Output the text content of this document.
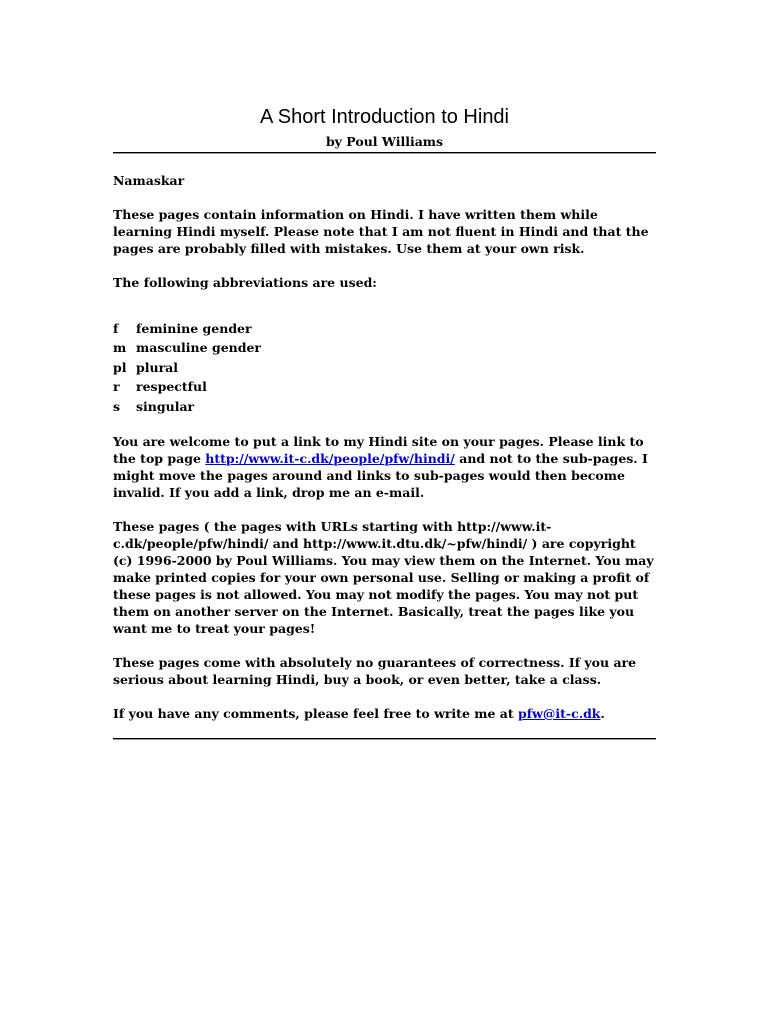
A Short Introduction to Hindi
by Poul Williams

Namaskar

These pages contain information on Hindi. I have written them while learning Hindi myself. Please note that I am not fluent in Hindi and that the pages are probably filled with mistakes. Use them at your own risk.

The following abbreviations are used:

f	feminine gender
m	masculine gender
pl	plural
r	respectful
s	singular

You are welcome to put a link to my Hindi site on your pages. Please link to the top page http://www.it-c.dk/people/pfw/hindi/ and not to the sub-pages. I might move the pages around and links to sub-pages would then become invalid. If you add a link, drop me an e-mail.

These pages ( the pages with URLs starting with http://www.it-c.dk/people/pfw/hindi/ and http://www.it.dtu.dk/~pfw/hindi/ ) are copyright (c) 1996-2000 by Poul Williams. You may view them on the Internet. You may make printed copies for your own personal use. Selling or making a profit of these pages is not allowed. You may not modify the pages. You may not put them on another server on the Internet. Basically, treat the pages like you want me to treat your pages!

These pages come with absolutely no guarantees of correctness. If you are serious about learning Hindi, buy a book, or even better, take a class.

If you have any comments, please feel free to write me at pfw@it-c.dk.
